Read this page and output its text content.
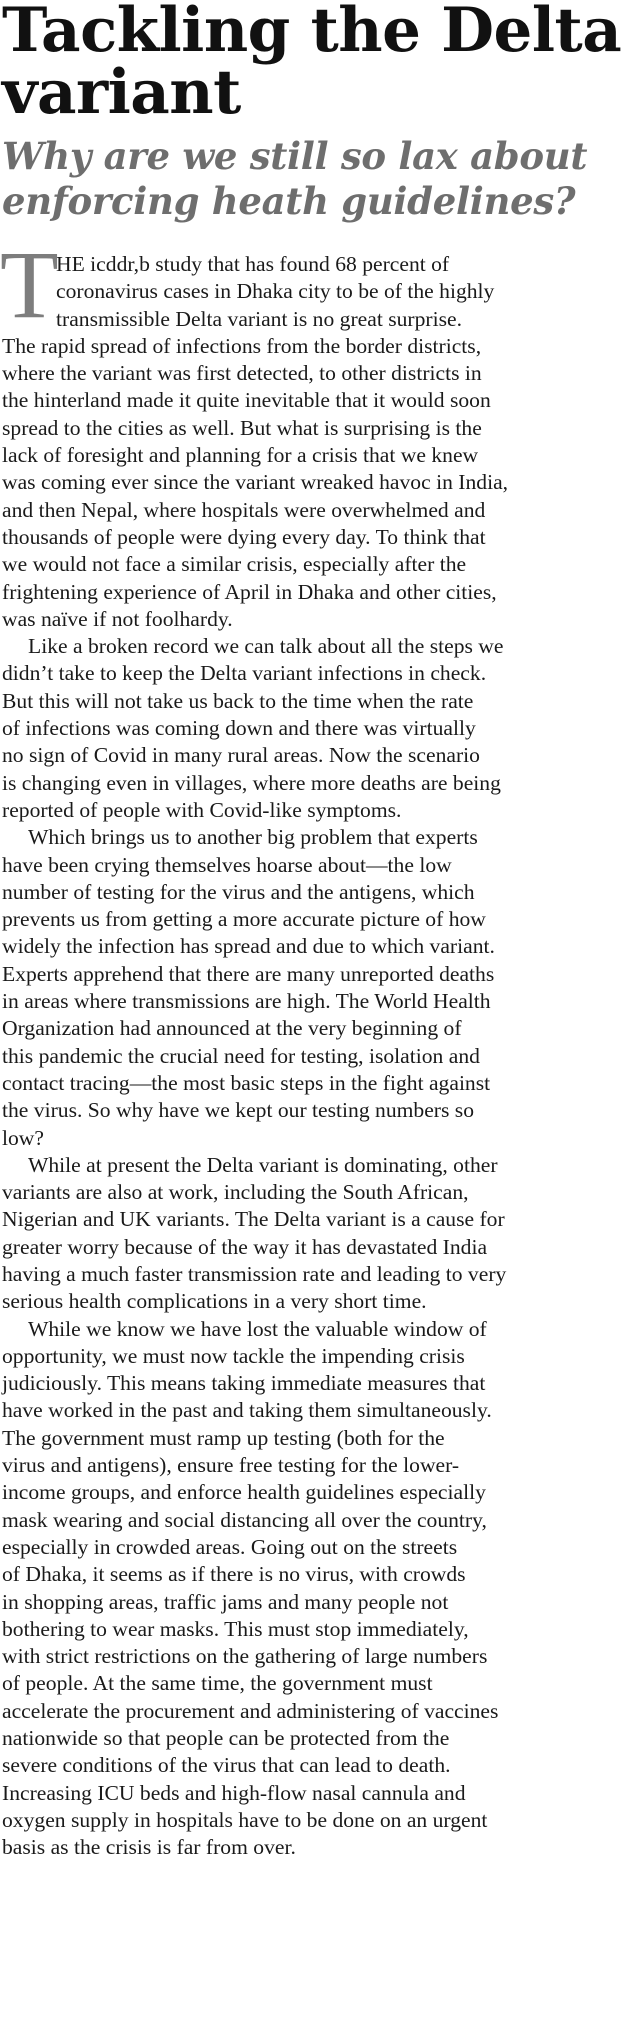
Tackling the Delta
variant
Why are we still so lax about
enforcing heath guidelines?
T
HE icddr,b study that has found 68 percent of
coronavirus cases in Dhaka city to be of the highly
transmissible Delta variant is no great surprise.
The rapid spread of infections from the border districts,
where the variant was first detected, to other districts in
the hinterland made it quite inevitable that it would soon
spread to the cities as well. But what is surprising is the
lack of foresight and planning for a crisis that we knew
was coming ever since the variant wreaked havoc in India,
and then Nepal, where hospitals were overwhelmed and
thousands of people were dying every day. To think that
we would not face a similar crisis, especially after the
frightening experience of April in Dhaka and other cities,
was naïve if not foolhardy.
Like a broken record we can talk about all the steps we
didn’t take to keep the Delta variant infections in check.
But this will not take us back to the time when the rate
of infections was coming down and there was virtually
no sign of Covid in many rural areas. Now the scenario
is changing even in villages, where more deaths are being
reported of people with Covid-like symptoms.
Which brings us to another big problem that experts
have been crying themselves hoarse about—the low
number of testing for the virus and the antigens, which
prevents us from getting a more accurate picture of how
widely the infection has spread and due to which variant.
Experts apprehend that there are many unreported deaths
in areas where transmissions are high. The World Health
Organization had announced at the very beginning of
this pandemic the crucial need for testing, isolation and
contact tracing—the most basic steps in the fight against
the virus. So why have we kept our testing numbers so
low?
While at present the Delta variant is dominating, other
variants are also at work, including the South African,
Nigerian and UK variants. The Delta variant is a cause for
greater worry because of the way it has devastated India
having a much faster transmission rate and leading to very
serious health complications in a very short time.
While we know we have lost the valuable window of
opportunity, we must now tackle the impending crisis
judiciously. This means taking immediate measures that
have worked in the past and taking them simultaneously.
The government must ramp up testing (both for the
virus and antigens), ensure free testing for the lower-
income groups, and enforce health guidelines especially
mask wearing and social distancing all over the country,
especially in crowded areas. Going out on the streets
of Dhaka, it seems as if there is no virus, with crowds
in shopping areas, traffic jams and many people not
bothering to wear masks. This must stop immediately,
with strict restrictions on the gathering of large numbers
of people. At the same time, the government must
accelerate the procurement and administering of vaccines
nationwide so that people can be protected from the
severe conditions of the virus that can lead to death.
Increasing ICU beds and high-flow nasal cannula and
oxygen supply in hospitals have to be done on an urgent
basis as the crisis is far from over.
